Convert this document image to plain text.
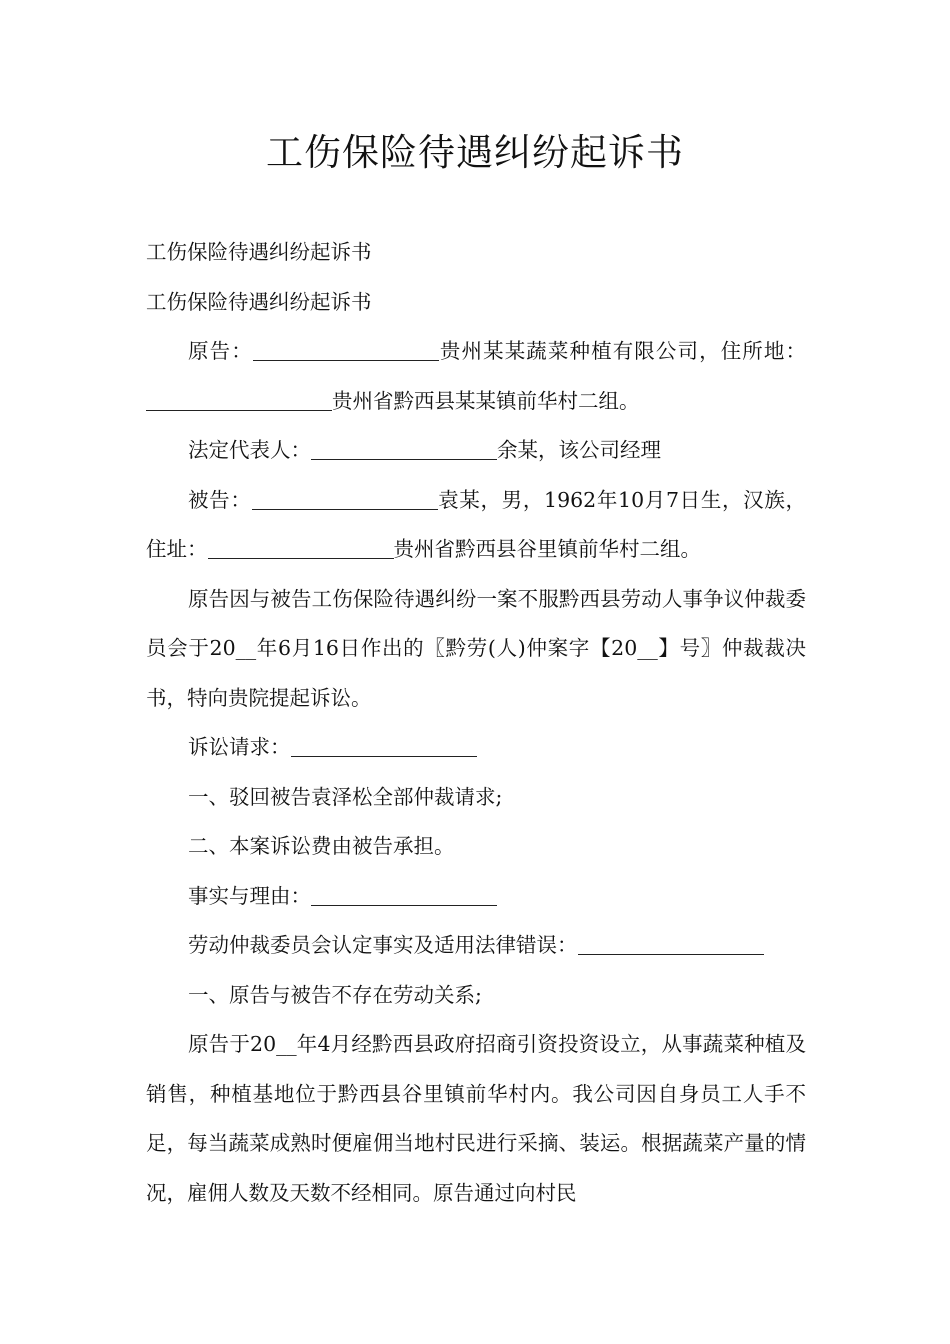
工伤保险待遇纠纷起诉书

工伤保险待遇纠纷起诉书

工伤保险待遇纠纷起诉书

原告：	贵州某某蔬菜种植有限公司，住所地：贵州省黔西县某某镇前华村二组。

法定代表人：	余某，该公司经理

被告：	袁某，男，1962年10月7日生，汉族，住址：	贵州省黔西县谷里镇前华村二组。

原告因与被告工伤保险待遇纠纷一案不服黔西县劳动人事争议仲裁委员会于20__年6月16日作出的〖黔劳(人)仲案字【20__】号〗仲裁裁决书，特向贵院提起诉讼。

诉讼请求：

一、驳回被告袁泽松全部仲裁请求;

二、本案诉讼费由被告承担。

事实与理由：

劳动仲裁委员会认定事实及适用法律错误：

一、原告与被告不存在劳动关系;

原告于20__年4月经黔西县政府招商引资投资设立，从事蔬菜种植及销售，种植基地位于黔西县谷里镇前华村内。我公司因自身员工人手不足，每当蔬菜成熟时便雇佣当地村民进行采摘、装运。根据蔬菜产量的情况，雇佣人数及天数不经相同。原告通过向村民
